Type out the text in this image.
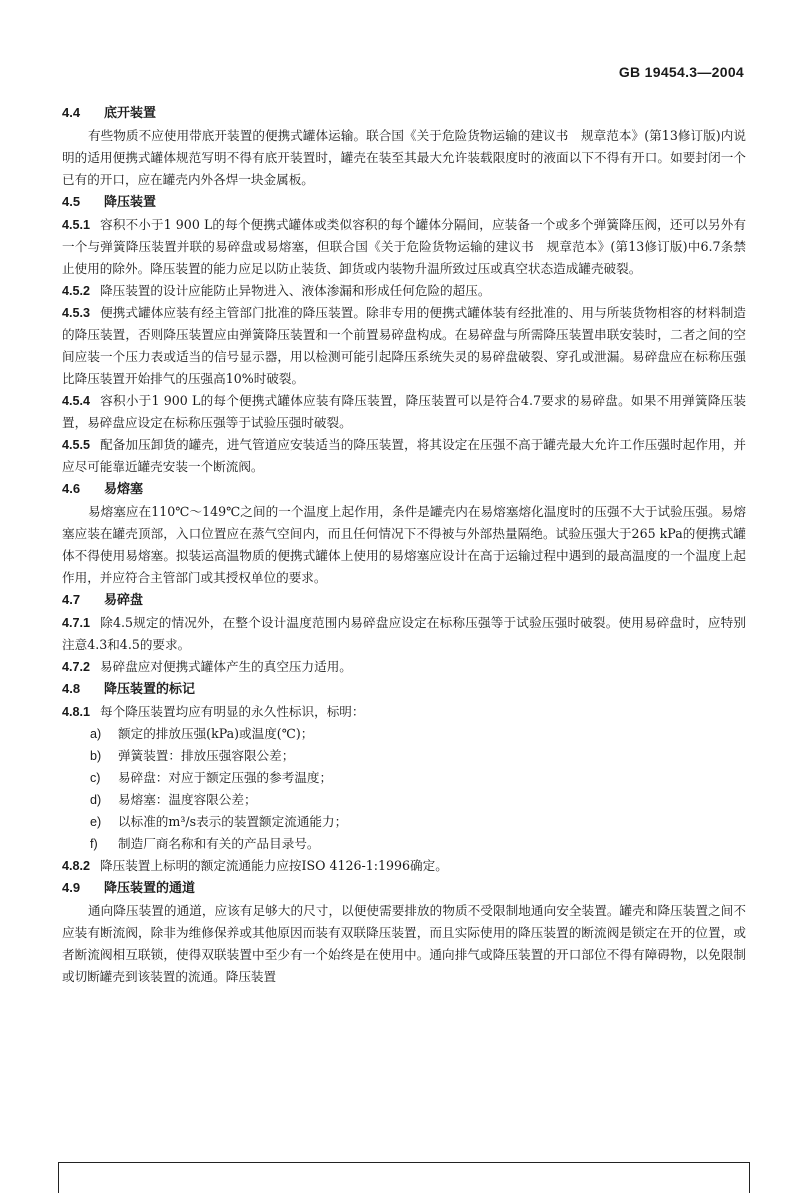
GB 19454.3—2004

4.4 底开装置

有些物质不应使用带底开装置的便携式罐体运输。联合国《关于危险货物运输的建议书　规章范本》(第13修订版)内说明的适用便携式罐体规范写明不得有底开装置时，罐壳在装至其最大允许装载限度时的液面以下不得有开口。如要封闭一个已有的开口，应在罐壳内外各焊一块金属板。

4.5 降压装置

4.5.1 容积不小于1 900 L的每个便携式罐体或类似容积的每个罐体分隔间，应装备一个或多个弹簧降压阀，还可以另外有一个与弹簧降压装置并联的易碎盘或易熔塞，但联合国《关于危险货物运输的建议书　规章范本》(第13修订版)中6.7条禁止使用的除外。降压装置的能力应足以防止装货、卸货或内装物升温所致过压或真空状态造成罐壳破裂。

4.5.2 降压装置的设计应能防止异物进入、液体渗漏和形成任何危险的超压。

4.5.3 便携式罐体应装有经主管部门批准的降压装置。除非专用的便携式罐体装有经批准的、用与所装货物相容的材料制造的降压装置，否则降压装置应由弹簧降压装置和一个前置易碎盘构成。在易碎盘与所需降压装置串联安装时，二者之间的空间应装一个压力表或适当的信号显示器，用以检测可能引起降压系统失灵的易碎盘破裂、穿孔或泄漏。易碎盘应在标称压强比降压装置开始排气的压强高10%时破裂。

4.5.4 容积小于1 900 L的每个便携式罐体应装有降压装置，降压装置可以是符合4.7要求的易碎盘。如果不用弹簧降压装置，易碎盘应设定在标称压强等于试验压强时破裂。

4.5.5 配备加压卸货的罐壳，进气管道应安装适当的降压装置，将其设定在压强不高于罐壳最大允许工作压强时起作用，并应尽可能靠近罐壳安装一个断流阀。

4.6 易熔塞

易熔塞应在110℃～149℃之间的一个温度上起作用，条件是罐壳内在易熔塞熔化温度时的压强不大于试验压强。易熔塞应装在罐壳顶部，入口位置应在蒸气空间内，而且任何情况下不得被与外部热量隔绝。试验压强大于265 kPa的便携式罐体不得使用易熔塞。拟装运高温物质的便携式罐体上使用的易熔塞应设计在高于运输过程中遇到的最高温度的一个温度上起作用，并应符合主管部门或其授权单位的要求。

4.7 易碎盘

4.7.1 除4.5规定的情况外，在整个设计温度范围内易碎盘应设定在标称压强等于试验压强时破裂。使用易碎盘时，应特别注意4.3和4.5的要求。

4.7.2 易碎盘应对便携式罐体产生的真空压力适用。

4.8 降压装置的标记

4.8.1 每个降压装置均应有明显的永久性标识，标明：

a) 额定的排放压强(kPa)或温度(℃)；

b) 弹簧装置：排放压强容限公差；

c) 易碎盘：对应于额定压强的参考温度；

d) 易熔塞：温度容限公差；

e) 以标准的m³/s表示的装置额定流通能力；

f) 制造厂商名称和有关的产品目录号。

4.8.2 降压装置上标明的额定流通能力应按ISO 4126-1:1996确定。

4.9 降压装置的通道

通向降压装置的通道，应该有足够大的尺寸，以便使需要排放的物质不受限制地通向安全装置。罐壳和降压装置之间不应装有断流阀，除非为维修保养或其他原因而装有双联降压装置，而且实际使用的降压装置的断流阀是锁定在开的位置，或者断流阀相互联锁，使得双联装置中至少有一个始终是在使用中。通向排气或降压装置的开口部位不得有障碍物，以免限制或切断罐壳到该装置的流通。降压装置
